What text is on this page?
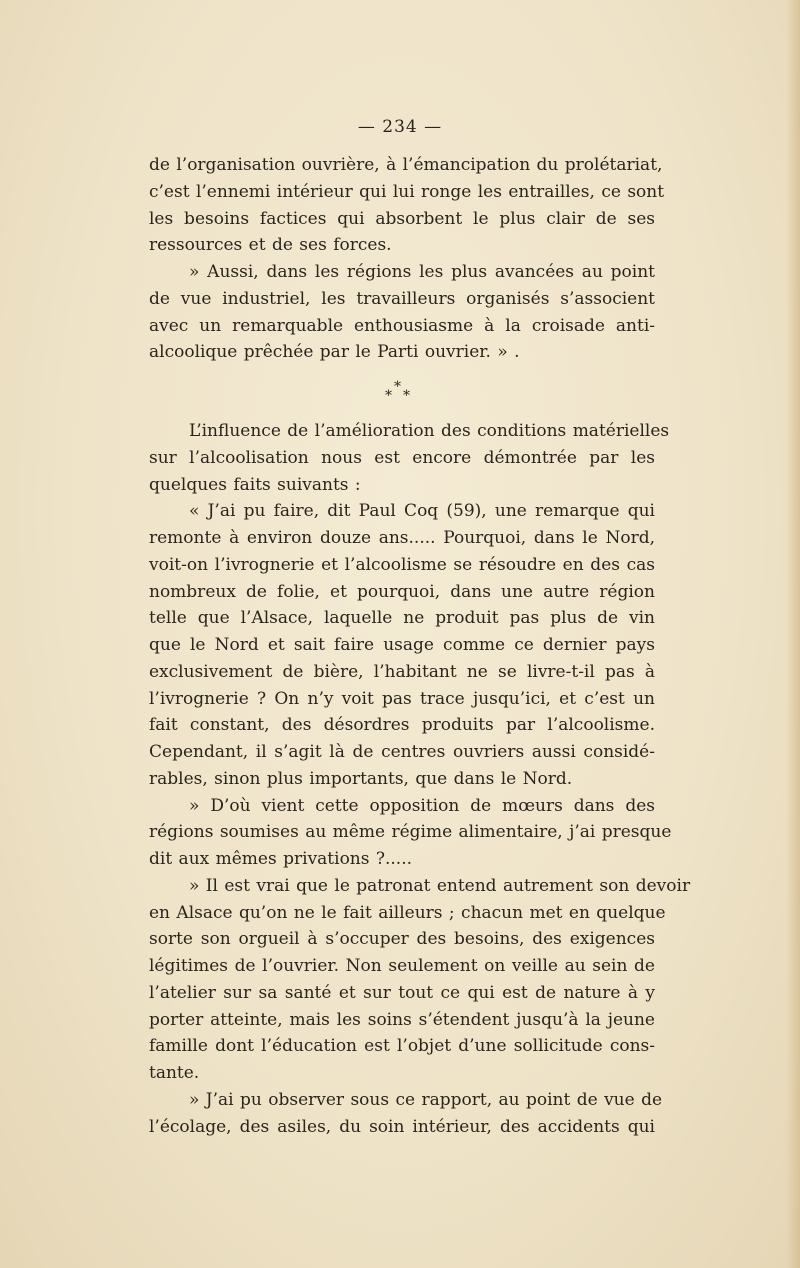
— 234 —
de l’organisation ouvrière, à l’émancipation du prolétariat,
c’est l’ennemi intérieur qui lui ronge les entrailles, ce sont
les besoins factices qui absorbent le plus clair de ses
ressources et de ses forces.
» Aussi, dans les régions les plus avancées au point
de vue industriel, les travailleurs organisés s’associent
avec un remarquable enthousiasme à la croisade anti-
alcoolique prêchée par le Parti ouvrier. » .
*
* *
L’influence de l’amélioration des conditions matérielles
sur l’alcoolisation nous est encore démontrée par les
quelques faits suivants :
« J’ai pu faire, dit Paul Coq (59), une remarque qui
remonte à environ douze ans..... Pourquoi, dans le Nord,
voit-on l’ivrognerie et l’alcoolisme se résoudre en des cas
nombreux de folie, et pourquoi, dans une autre région
telle que l’Alsace, laquelle ne produit pas plus de vin
que le Nord et sait faire usage comme ce dernier pays
exclusivement de bière, l’habitant ne se livre-t-il pas à
l’ivrognerie ? On n’y voit pas trace jusqu’ici, et c’est un
fait constant, des désordres produits par l’alcoolisme.
Cependant, il s’agit là de centres ouvriers aussi considé-
rables, sinon plus importants, que dans le Nord.
» D’où vient cette opposition de mœurs dans des
régions soumises au même régime alimentaire, j’ai presque
dit aux mêmes privations ?.....
» Il est vrai que le patronat entend autrement son devoir
en Alsace qu’on ne le fait ailleurs ; chacun met en quelque
sorte son orgueil à s’occuper des besoins, des exigences
légitimes de l’ouvrier. Non seulement on veille au sein de
l’atelier sur sa santé et sur tout ce qui est de nature à y
porter atteinte, mais les soins s’étendent jusqu’à la jeune
famille dont l’éducation est l’objet d’une sollicitude cons-
tante.
» J’ai pu observer sous ce rapport, au point de vue de
l’écolage, des asiles, du soin intérieur, des accidents qui
